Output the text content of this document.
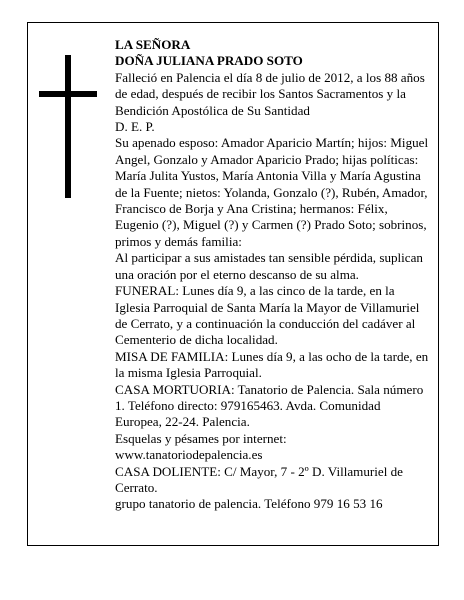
LA SEÑORA

DOÑA JULIANA PRADO SOTO

Falleció en Palencia el día 8 de julio de 2012, a los 88 años de edad, después de recibir los Santos Sacramentos y la Bendición Apostólica de Su Santidad

D. E. P.

Su apenado esposo: Amador Aparicio Martín; hijos: Miguel Angel, Gonzalo y Amador Aparicio Prado; hijas políticas: María Julita Yustos, María Antonia Villa y María Agustina de la Fuente; nietos: Yolanda, Gonzalo (?), Rubén, Amador, Francisco de Borja y Ana Cristina; hermanos: Félix, Eugenio (?), Miguel (?) y Carmen (?) Prado Soto; sobrinos, primos y demás familia:

Al participar a sus amistades tan sensible pérdida, suplican una oración por el eterno descanso de su alma.

FUNERAL: Lunes día 9, a las cinco de la tarde, en la Iglesia Parroquial de Santa María la Mayor de Villamuriel de Cerrato, y a continuación la conducción del cadáver al Cementerio de dicha localidad.

MISA DE FAMILIA: Lunes día 9, a las ocho de la tarde, en la misma Iglesia Parroquial.

CASA MORTUORIA: Tanatorio de Palencia. Sala número 1. Teléfono directo: 979165463. Avda. Comunidad Europea, 22-24. Palencia.

Esquelas y pésames por internet:

www.tanatoriodepalencia.es

CASA DOLIENTE: C/ Mayor, 7 - 2º D. Villamuriel de Cerrato.

grupo tanatorio de palencia. Teléfono 979 16 53 16
